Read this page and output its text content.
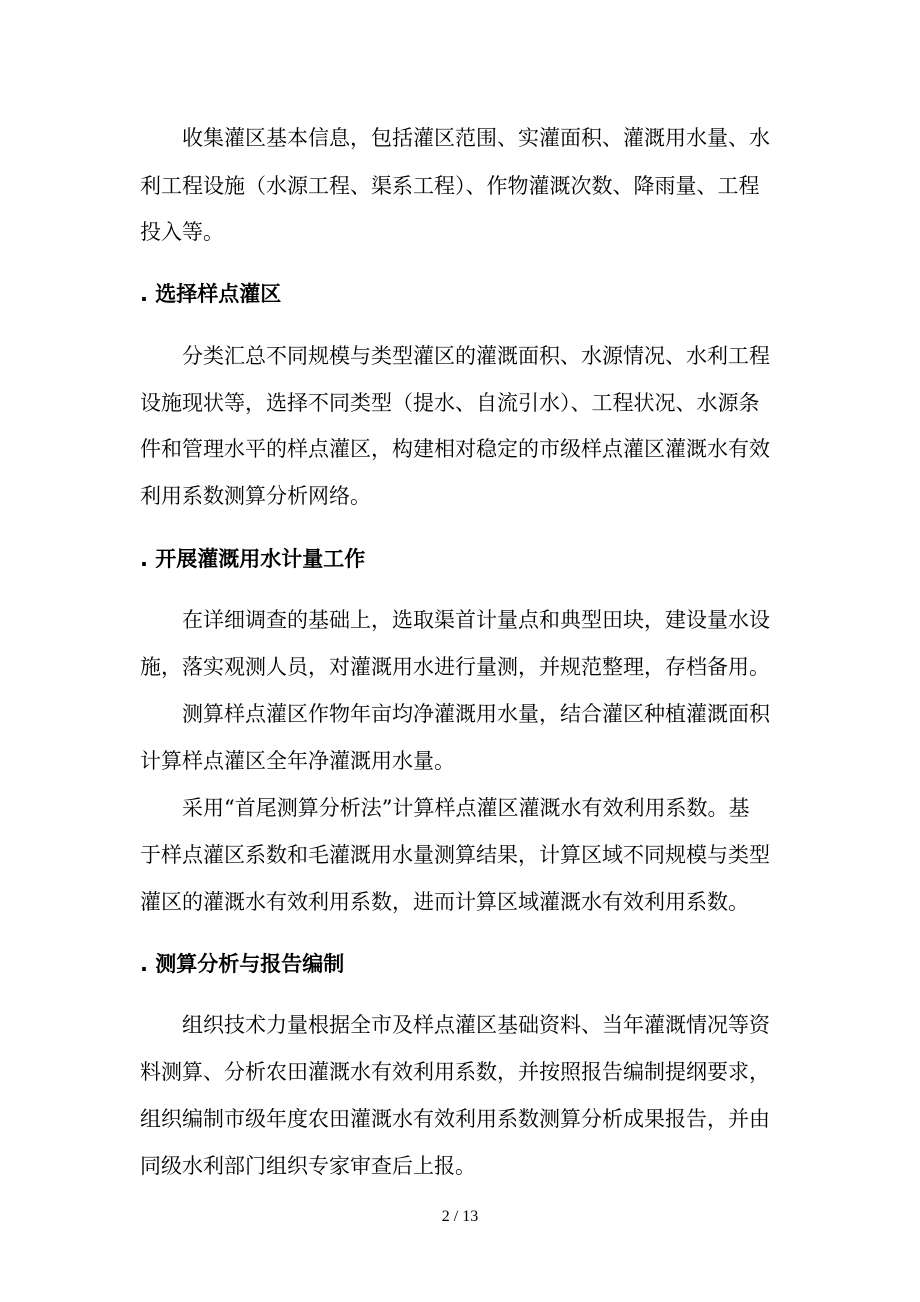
收集灌区基本信息，包括灌区范围、实灌面积、灌溉用水量、水
利工程设施（水源工程、渠系工程）、作物灌溉次数、降雨量、工程
投入等。
. 选择样点灌区
分类汇总不同规模与类型灌区的灌溉面积、水源情况、水利工程
设施现状等，选择不同类型（提水、自流引水）、工程状况、水源条
件和管理水平的样点灌区，构建相对稳定的市级样点灌区灌溉水有效
利用系数测算分析网络。
. 开展灌溉用水计量工作
在详细调查的基础上，选取渠首计量点和典型田块，建设量水设
施，落实观测人员，对灌溉用水进行量测，并规范整理，存档备用。
测算样点灌区作物年亩均净灌溉用水量，结合灌区种植灌溉面积
计算样点灌区全年净灌溉用水量。
采用“首尾测算分析法”计算样点灌区灌溉水有效利用系数。基
于样点灌区系数和毛灌溉用水量测算结果，计算区域不同规模与类型
灌区的灌溉水有效利用系数，进而计算区域灌溉水有效利用系数。
. 测算分析与报告编制
组织技术力量根据全市及样点灌区基础资料、当年灌溉情况等资
料测算、分析农田灌溉水有效利用系数，并按照报告编制提纲要求，
组织编制市级年度农田灌溉水有效利用系数测算分析成果报告，并由
同级水利部门组织专家审查后上报。
2 / 13
